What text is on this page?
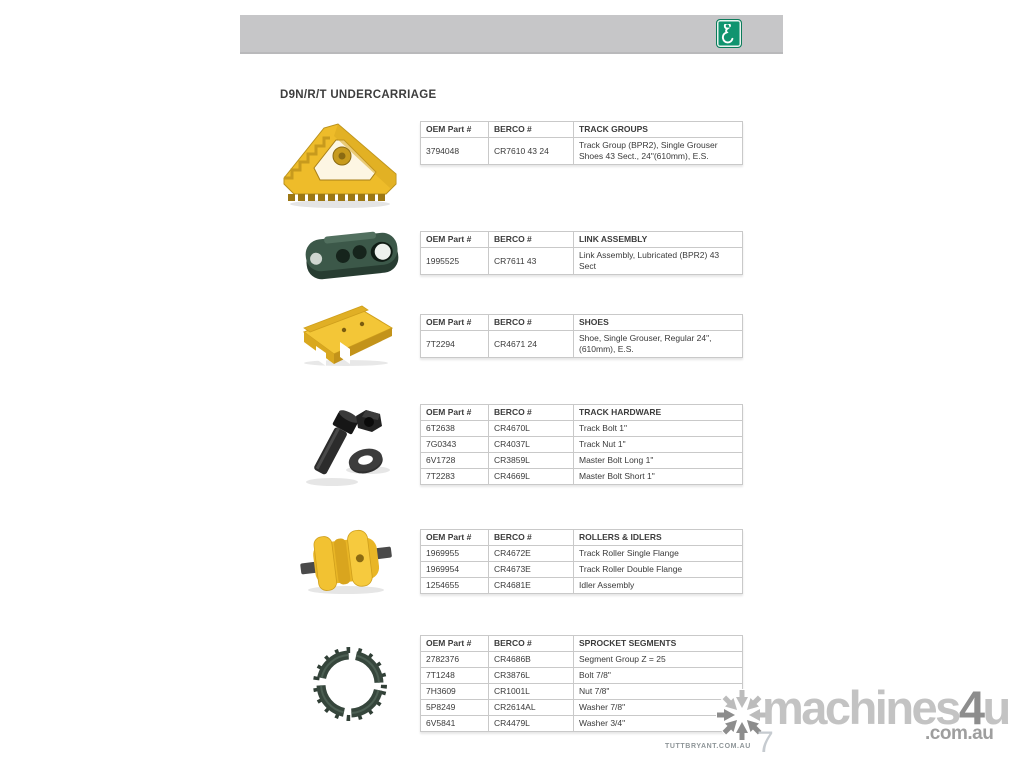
D9N/R/T UNDERCARRIAGE
OEM Part #	BERCO #	TRACK GROUPS
3794048	CR7610 43 24	Track Group (BPR2), Single Grouser Shoes 43 Sect., 24"(610mm), E.S.
OEM Part #	BERCO #	LINK ASSEMBLY
1995525	CR7611 43	Link Assembly, Lubricated (BPR2) 43 Sect
OEM Part #	BERCO #	SHOES
7T2294	CR4671 24	Shoe, Single Grouser, Regular 24", (610mm), E.S.
OEM Part #	BERCO #	TRACK HARDWARE
6T2638	CR4670L	Track Bolt 1"
7G0343	CR4037L	Track Nut 1"
6V1728	CR3859L	Master Bolt Long 1"
7T2283	CR4669L	Master Bolt Short 1"
OEM Part #	BERCO #	ROLLERS & IDLERS
1969955	CR4672E	Track Roller Single Flange
1969954	CR4673E	Track Roller Double Flange
1254655	CR4681E	Idler Assembly
OEM Part #	BERCO #	SPROCKET SEGMENTS
2782376	CR4686B	Segment Group Z = 25
7T1248	CR3876L	Bolt 7/8"
7H3609	CR1001L	Nut 7/8"
5P8249	CR2614AL	Washer 7/8"
6V5841	CR4479L	Washer 3/4"	machines4u
.com.au
TUTTBRYANT.COM.AU 7
